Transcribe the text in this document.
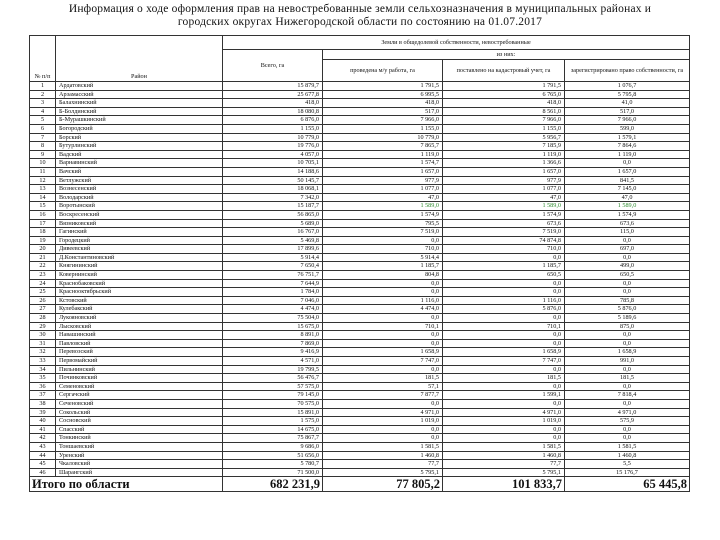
Информация о ходе оформления прав на невостребованные земли сельхозназначения в муниципальных районах и
городских округах Нижегородской области по состоянию на 01.07.2017
№ п/п	Район	Земли в общедолевой собственности, невостребованные			
		Всего, га	из них:		
			проведена м/у работа, га	поставлено на кадастровый учет, га	зарегистрировано право собственности, га
1	Ардатовский	15 879,7	1 791,5	1 791,5	1 076,7
2	Арзамасский	25 677,8	6 995,5	6 765,0	5 795,8
3	Балахнинский	418,0	418,0	418,0	41,0
4	Б-Болдинский	18 080,8	517,0	8 561,0	517,0
5	Б-Мурашкинский	6 876,0	7 966,0	7 966,0	7 966,0
6	Богородский	1 155,0	1 155,0	1 155,0	599,0
7	Борский	10 779,0	10 779,0	5 956,7	1 579,1
8	Бутурлинский	19 776,0	7 865,7	7 185,9	7 864,6
9	Вадский	4 057,0	1 119,0	1 119,0	1 119,0
10	Варнавинский	10 705,1	1 574,7	1 366,6	0,0
11	Вачский	14 188,6	1 657,0	1 657,0	1 657,0
12	Ветлужский	50 145,7	977,9	977,9	841,5
13	Вознесенский	18 068,1	1 077,0	1 077,0	7 145,0
14	Володарский	7 342,0	47,0	47,0	47,0
15	Воротынский	15 187,7	1 589,0	1 589,0	1 589,0
16	Воскресенский	56 865,0	1 574,9	1 574,9	1 574,9
17	Вязниковский	5 689,0	795,5	673,6	673,6
18	Гагинский	16 767,0	7 519,0	7 519,0	115,0
19	Городецкий	5 469,8	0,0	74 874,8	0,0
20	Дивеевский	17 899,6	710,0	710,0	697,0
21	Д.Константиновский	5 914,4	5 914,4	0,0	0,0
22	Княгининский	7 650,4	1 185,7	1 185,7	499,0
23	Ковернинский	76 751,7	804,8	650,5	650,5
24	Краснобаковский	7 644,9	0,0	0,0	0,0
25	Краснооктябрьский	1 784,0	0,0	0,0	0,0
26	Кстовский	7 046,0	1 116,0	1 116,0	785,8
27	Кулебакский	4 474,0	4 474,0	5 876,0	5 876,0
28	Лукояновский	75 504,0	0,0	0,0	5 189,6
29	Лысковский	15 675,0	710,1	710,1	875,0
30	Навашинский	8 891,0	0,0	0,0	0,0
31	Павловский	7 869,0	0,0	0,0	0,0
32	Перевозский	9 416,9	1 658,9	1 658,9	1 658,9
33	Первомайский	4 571,0	7 747,0	7 747,0	991,0
34	Пильнинский	19 799,5	0,0	0,0	0,0
35	Починковский	56 476,7	181,5	181,5	181,5
36	Семеновский	57 575,0	57,1	0,0	0,0
37	Сергачский	79 145,0	7 877,7	1 599,1	7 818,4
38	Сеченовский	70 575,0	0,0	0,0	0,0
39	Сокольский	15 891,0	4 971,0	4 971,0	4 971,0
40	Сосновский	1 575,0	1 019,0	1 019,0	575,9
41	Спасский	14 675,0	0,0	0,0	0,0
42	Тонкинский	75 867,7	0,0	0,0	0,0
43	Тоншаевский	9 686,0	1 581,5	1 581,5	1 581,5
44	Уренский	51 656,0	1 460,8	1 460,8	1 460,8
45	Чкаловский	5 780,7	77,7	77,7	5,5
46	Шарангский	71 500,0	5 795,1	5 795,1	15 176,7
Итого по области		682 231,9	77 805,2	101 833,7	65 445,8
